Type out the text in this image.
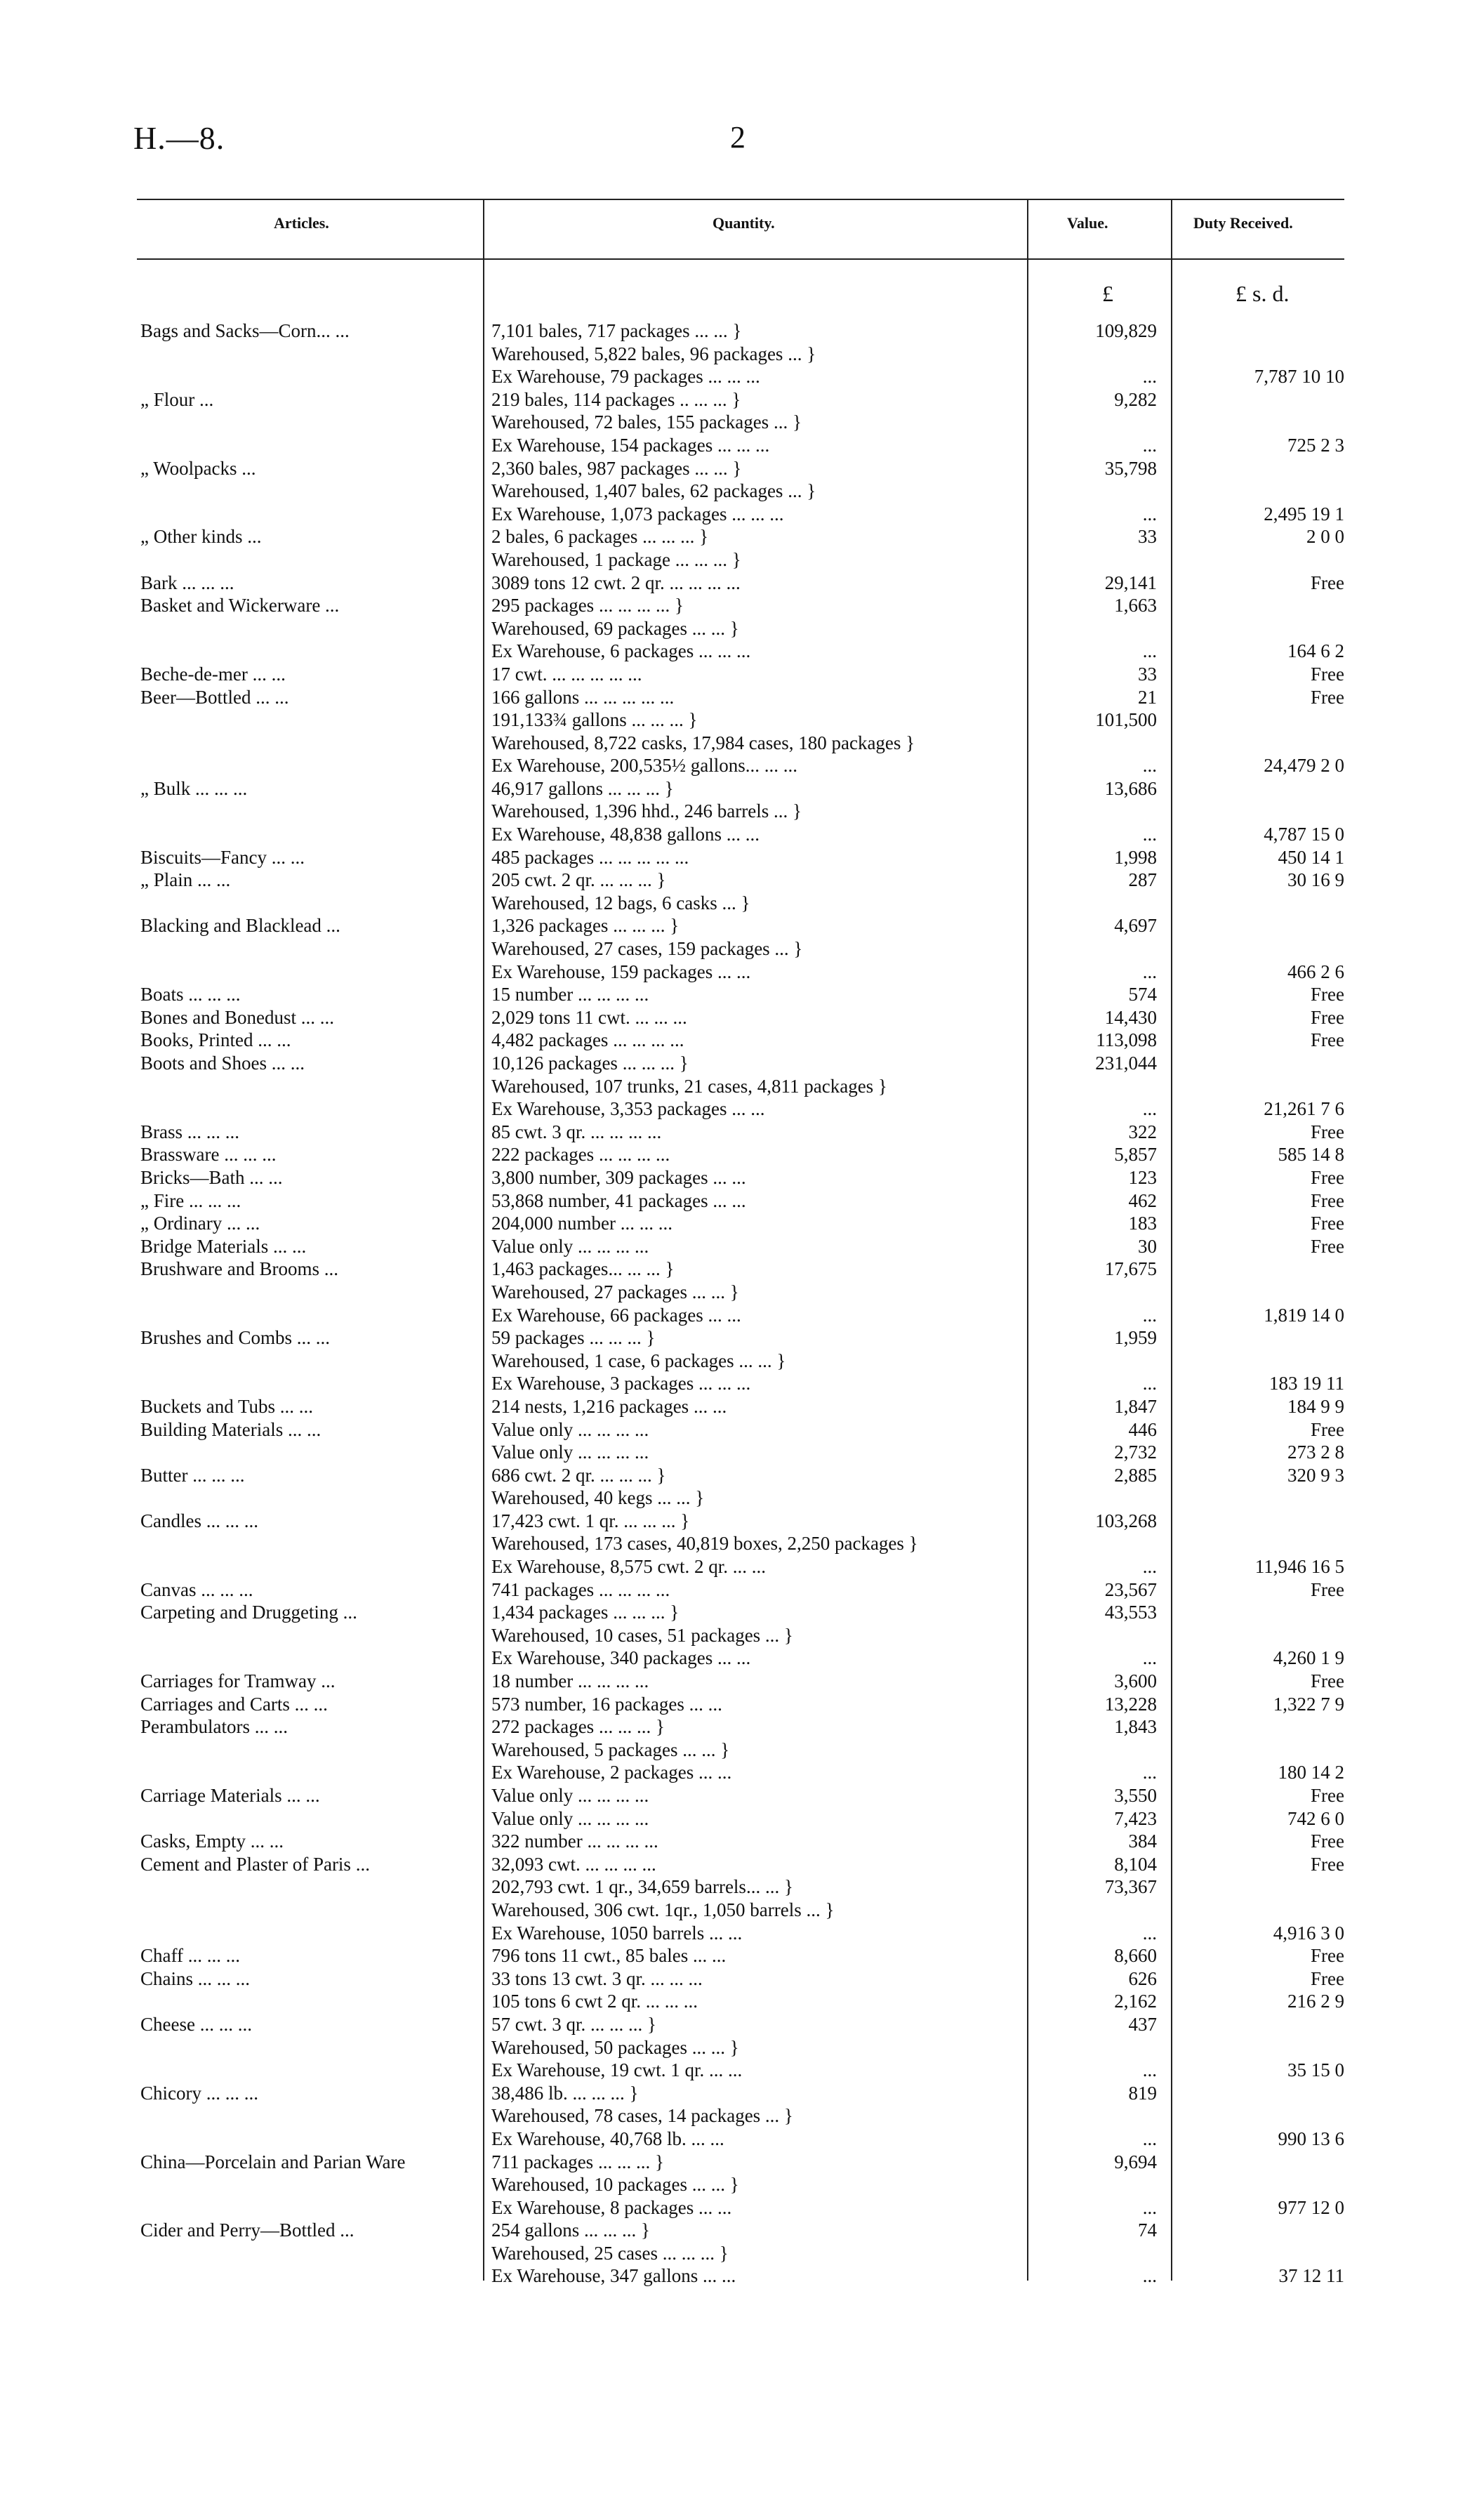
H.—8.	2
Articles.	Quantity.	Value.	Duty Received.
£	£ s. d.
Bags and Sacks—Corn... ...	7,101 bales, 717 packages ... ... }	109,829
Warehoused, 5,822 bales, 96 packages ... }
Ex Warehouse, 79 packages ... ... ...	...	7,787 10 10
„ Flour ...	219 bales, 114 packages .. ... ... }	9,282
Warehoused, 72 bales, 155 packages ... }
Ex Warehouse, 154 packages ... ... ...	...	725 2 3
„ Woolpacks ...	2,360 bales, 987 packages ... ... }	35,798
Warehoused, 1,407 bales, 62 packages ... }
Ex Warehouse, 1,073 packages ... ... ...	...	2,495 19 1
„ Other kinds ...	2 bales, 6 packages ... ... ... }	33	2 0 0
Warehoused, 1 package ... ... ... }
Bark ... ... ...	3089 tons 12 cwt. 2 qr. ... ... ... ...	29,141	Free
Basket and Wickerware ...	295 packages ... ... ... ... }	1,663
Warehoused, 69 packages ... ... }
Ex Warehouse, 6 packages ... ... ...	...	164 6 2
Beche-de-mer ... ...	17 cwt. ... ... ... ... ...	33	Free
Beer—Bottled ... ...	166 gallons ... ... ... ... ...	21	Free
191,133¾ gallons ... ... ... }	101,500
Warehoused, 8,722 casks, 17,984 cases, 180 packages }
Ex Warehouse, 200,535½ gallons... ... ...	...	24,479 2 0
„ Bulk ... ... ...	46,917 gallons ... ... ... }	13,686
Warehoused, 1,396 hhd., 246 barrels ... }
Ex Warehouse, 48,838 gallons ... ...	...	4,787 15 0
Biscuits—Fancy ... ...	485 packages ... ... ... ... ...	1,998	450 14 1
„ Plain ... ...	205 cwt. 2 qr. ... ... ... }	287	30 16 9
Warehoused, 12 bags, 6 casks ... }
Blacking and Blacklead ...	1,326 packages ... ... ... }	4,697
Warehoused, 27 cases, 159 packages ... }
Ex Warehouse, 159 packages ... ...	...	466 2 6
Boats ... ... ...	15 number ... ... ... ...	574	Free
Bones and Bonedust ... ...	2,029 tons 11 cwt. ... ... ...	14,430	Free
Books, Printed ... ...	4,482 packages ... ... ... ...	113,098	Free
Boots and Shoes ... ...	10,126 packages ... ... ... }	231,044
Warehoused, 107 trunks, 21 cases, 4,811 packages }
Ex Warehouse, 3,353 packages ... ...	...	21,261 7 6
Brass ... ... ...	85 cwt. 3 qr. ... ... ... ...	322	Free
Brassware ... ... ...	222 packages ... ... ... ...	5,857	585 14 8
Bricks—Bath ... ...	3,800 number, 309 packages ... ...	123	Free
„ Fire ... ... ...	53,868 number, 41 packages ... ...	462	Free
„ Ordinary ... ...	204,000 number ... ... ...	183	Free
Bridge Materials ... ...	Value only ... ... ... ...	30	Free
Brushware and Brooms ...	1,463 packages... ... ... }	17,675
Warehoused, 27 packages ... ... }
Ex Warehouse, 66 packages ... ...	...	1,819 14 0
Brushes and Combs ... ...	59 packages ... ... ... }	1,959
Warehoused, 1 case, 6 packages ... ... }
Ex Warehouse, 3 packages ... ... ...	...	183 19 11
Buckets and Tubs ... ...	214 nests, 1,216 packages ... ...	1,847	184 9 9
Building Materials ... ...	Value only ... ... ... ...	446	Free
Value only ... ... ... ...	2,732	273 2 8
Butter ... ... ...	686 cwt. 2 qr. ... ... ... }	2,885	320 9 3
Warehoused, 40 kegs ... ... }
Candles ... ... ...	17,423 cwt. 1 qr. ... ... ... }	103,268
Warehoused, 173 cases, 40,819 boxes, 2,250 packages }
Ex Warehouse, 8,575 cwt. 2 qr. ... ...	...	11,946 16 5
Canvas ... ... ...	741 packages ... ... ... ...	23,567	Free
Carpeting and Druggeting ...	1,434 packages ... ... ... }	43,553
Warehoused, 10 cases, 51 packages ... }
Ex Warehouse, 340 packages ... ...	...	4,260 1 9
Carriages for Tramway ...	18 number ... ... ... ...	3,600	Free
Carriages and Carts ... ...	573 number, 16 packages ... ...	13,228	1,322 7 9
Perambulators ... ...	272 packages ... ... ... }	1,843
Warehoused, 5 packages ... ... }
Ex Warehouse, 2 packages ... ...	...	180 14 2
Carriage Materials ... ...	Value only ... ... ... ...	3,550	Free
Value only ... ... ... ...	7,423	742 6 0
Casks, Empty ... ...	322 number ... ... ... ...	384	Free
Cement and Plaster of Paris ...	32,093 cwt. ... ... ... ...	8,104	Free
202,793 cwt. 1 qr., 34,659 barrels... ... }	73,367
Warehoused, 306 cwt. 1qr., 1,050 barrels ... }
Ex Warehouse, 1050 barrels ... ...	...	4,916 3 0
Chaff ... ... ...	796 tons 11 cwt., 85 bales ... ...	8,660	Free
Chains ... ... ...	33 tons 13 cwt. 3 qr. ... ... ...	626	Free
105 tons 6 cwt 2 qr. ... ... ...	2,162	216 2 9
Cheese ... ... ...	57 cwt. 3 qr. ... ... ... }	437
Warehoused, 50 packages ... ... }
Ex Warehouse, 19 cwt. 1 qr. ... ...	...	35 15 0
Chicory ... ... ...	38,486 lb. ... ... ... }	819
Warehoused, 78 cases, 14 packages ... }
Ex Warehouse, 40,768 lb. ... ...	...	990 13 6
China—Porcelain and Parian Ware	711 packages ... ... ... }	9,694
Warehoused, 10 packages ... ... }
Ex Warehouse, 8 packages ... ...	...	977 12 0
Cider and Perry—Bottled ...	254 gallons ... ... ... }	74
Warehoused, 25 cases ... ... ... }
Ex Warehouse, 347 gallons ... ...	...	37 12 11
